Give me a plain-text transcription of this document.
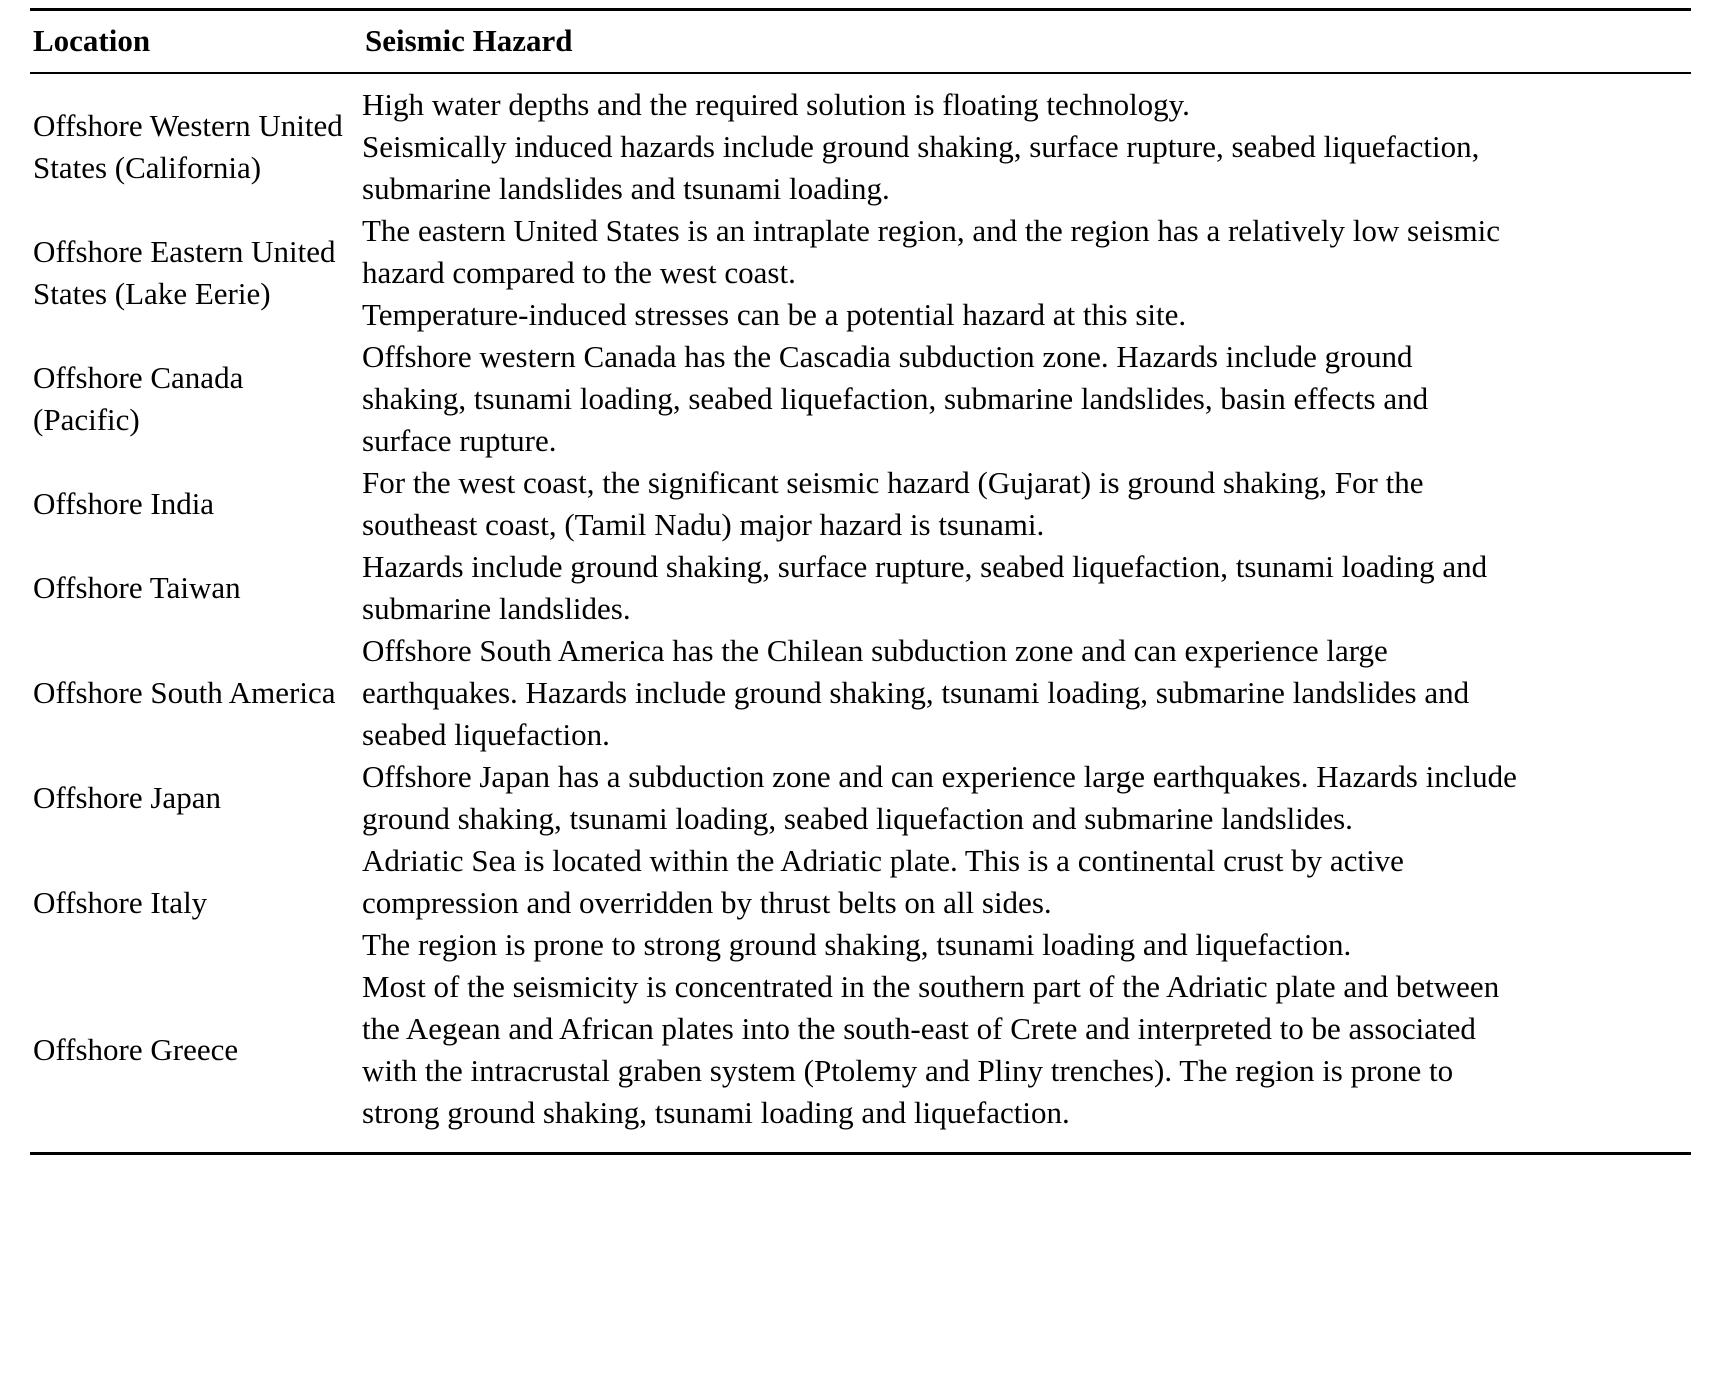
Location	Seismic Hazard
Offshore Western United States (California)	High water depths and the required solution is floating technology.
Seismically induced hazards include ground shaking, surface rupture, seabed liquefaction, submarine landslides and tsunami loading.
Offshore Eastern United States (Lake Eerie)	The eastern United States is an intraplate region, and the region has a relatively low seismic hazard compared to the west coast.
Temperature-induced stresses can be a potential hazard at this site.
Offshore Canada (Pacific)	Offshore western Canada has the Cascadia subduction zone. Hazards include ground shaking, tsunami loading, seabed liquefaction, submarine landslides, basin effects and surface rupture.
Offshore India	For the west coast, the significant seismic hazard (Gujarat) is ground shaking, For the southeast coast, (Tamil Nadu) major hazard is tsunami.
Offshore Taiwan	Hazards include ground shaking, surface rupture, seabed liquefaction, tsunami loading and submarine landslides.
Offshore South America	Offshore South America has the Chilean subduction zone and can experience large earthquakes. Hazards include ground shaking, tsunami loading, submarine landslides and seabed liquefaction.
Offshore Japan	Offshore Japan has a subduction zone and can experience large earthquakes. Hazards include ground shaking, tsunami loading, seabed liquefaction and submarine landslides.
Offshore Italy	Adriatic Sea is located within the Adriatic plate. This is a continental crust by active compression and overridden by thrust belts on all sides.
The region is prone to strong ground shaking, tsunami loading and liquefaction.
Offshore Greece	Most of the seismicity is concentrated in the southern part of the Adriatic plate and between the Aegean and African plates into the south-east of Crete and interpreted to be associated with the intracrustal graben system (Ptolemy and Pliny trenches). The region is prone to strong ground shaking, tsunami loading and liquefaction.
